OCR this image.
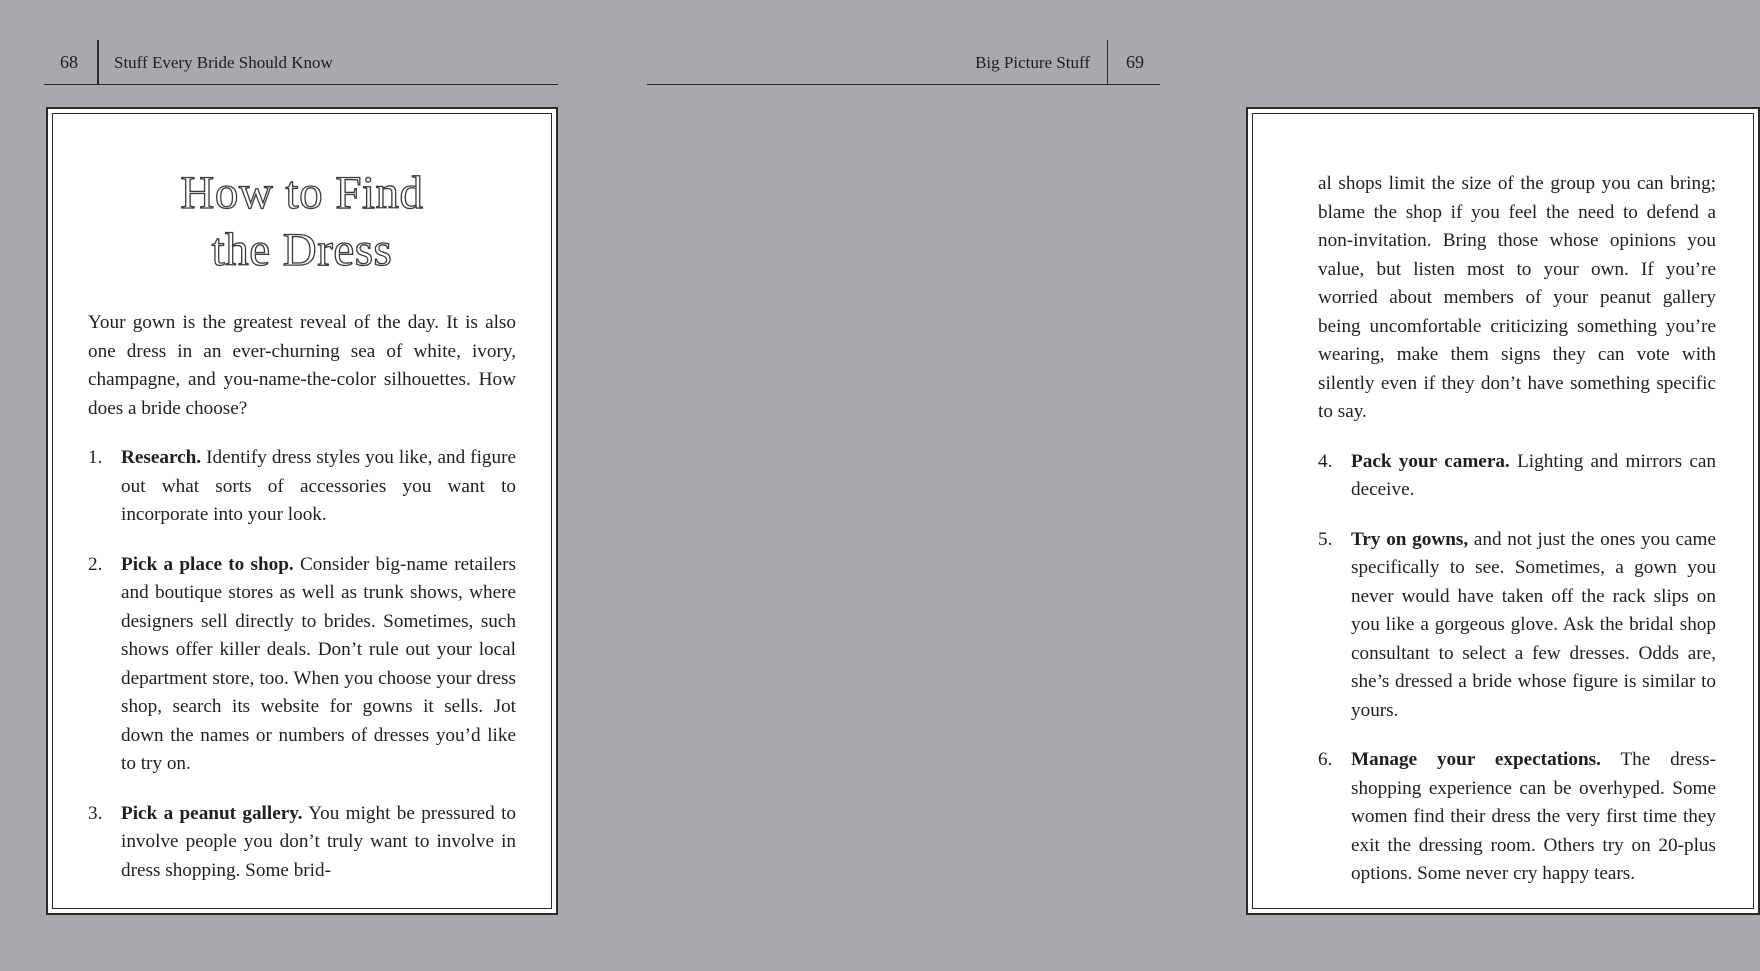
68 Stuff Every Bride Should Know
How to Find
the Dress

Your gown is the greatest reveal of the day. It is also one dress in an ever-churning sea of white, ivory, champagne, and you-name-the-color silhouettes. How does a bride choose?

1. Research. Identify dress styles you like, and figure out what sorts of accessories you want to incorporate into your look.
2. Pick a place to shop. Consider big-name retailers and boutique stores as well as trunk shows, where designers sell directly to brides. Sometimes, such shows offer killer deals. Don’t rule out your local department store, too. When you choose your dress shop, search its website for gowns it sells. Jot down the names or numbers of dresses you’d like to try on.
3. Pick a peanut gallery. You might be pressured to involve people you don’t truly want to involve in dress shopping. Some brid-
Big Picture Stuff 69

al shops limit the size of the group you can bring; blame the shop if you feel the need to defend a non-invitation. Bring those whose opinions you value, but listen most to your own. If you’re worried about members of your peanut gallery being uncomfortable criticizing something you’re wearing, make them signs they can vote with silently even if they don’t have something specific to say.

4. Pack your camera. Lighting and mirrors can deceive.
5. Try on gowns, and not just the ones you came specifically to see. Sometimes, a gown you never would have taken off the rack slips on you like a gorgeous glove. Ask the bridal shop consultant to select a few dresses. Odds are, she’s dressed a bride whose figure is similar to yours.
6. Manage your expectations. The dress-shopping experience can be overhyped. Some women find their dress the very first time they exit the dressing room. Others try on 20-plus options. Some never cry happy tears.
